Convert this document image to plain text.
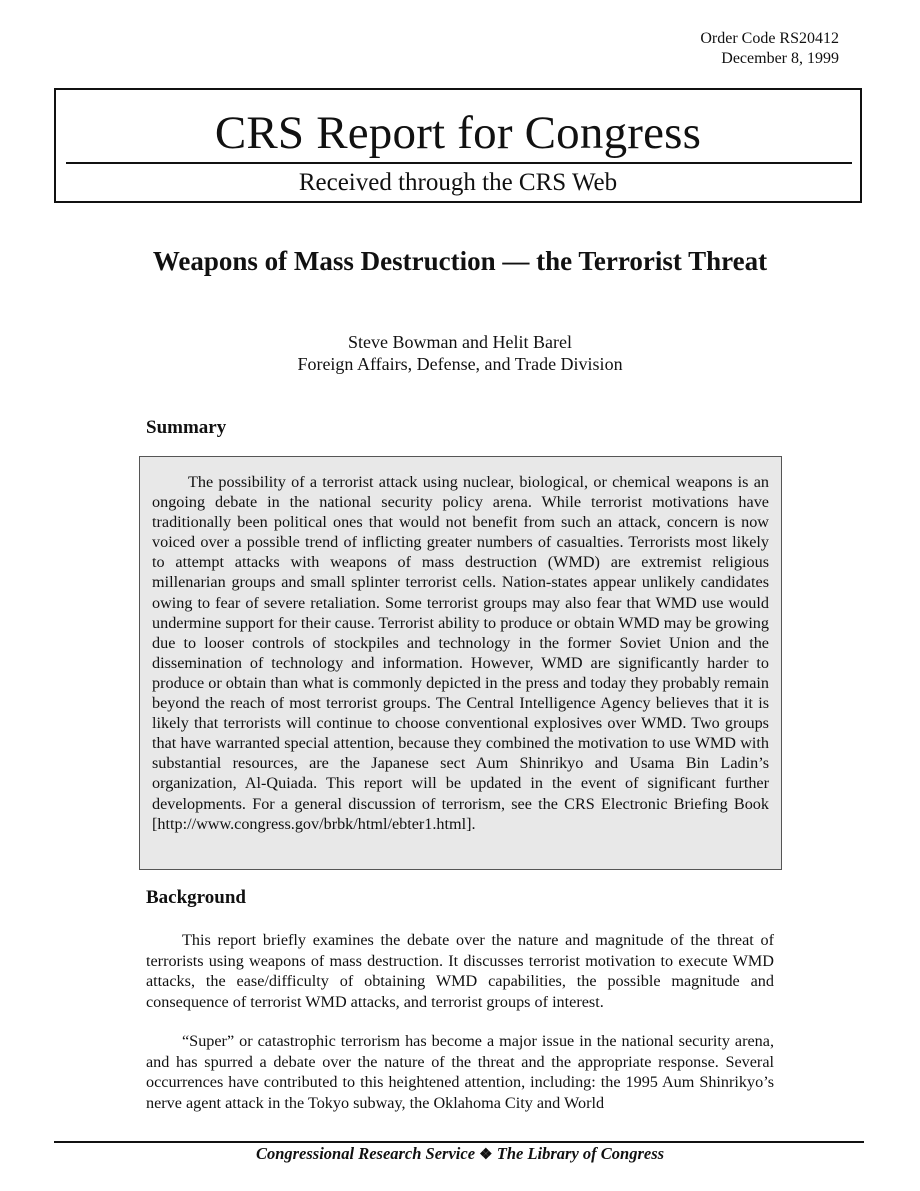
Order Code RS20412
December 8, 1999
CRS Report for Congress
Received through the CRS Web
Weapons of Mass Destruction — the Terrorist Threat
Steve Bowman and Helit Barel
Foreign Affairs, Defense, and Trade Division
Summary

The possibility of a terrorist attack using nuclear, biological, or chemical weapons is an ongoing debate in the national security policy arena. While terrorist motivations have traditionally been political ones that would not benefit from such an attack, concern is now voiced over a possible trend of inflicting greater numbers of casualties. Terrorists most likely to attempt attacks with weapons of mass destruction (WMD) are extremist religious millenarian groups and small splinter terrorist cells. Nation-states appear unlikely candidates owing to fear of severe retaliation. Some terrorist groups may also fear that WMD use would undermine support for their cause. Terrorist ability to produce or obtain WMD may be growing due to looser controls of stockpiles and technology in the former Soviet Union and the dissemination of technology and information. However, WMD are significantly harder to produce or obtain than what is commonly depicted in the press and today they probably remain beyond the reach of most terrorist groups. The Central Intelligence Agency believes that it is likely that terrorists will continue to choose conventional explosives over WMD. Two groups that have warranted special attention, because they combined the motivation to use WMD with substantial resources, are the Japanese sect Aum Shinrikyo and Usama Bin Ladin’s organization, Al-Quiada. This report will be updated in the event of significant further developments. For a general discussion of terrorism, see the CRS Electronic Briefing Book [http://www.congress.gov/brbk/html/ebter1.html].

Background

This report briefly examines the debate over the nature and magnitude of the threat of terrorists using weapons of mass destruction. It discusses terrorist motivation to execute WMD attacks, the ease/difficulty of obtaining WMD capabilities, the possible magnitude and consequence of terrorist WMD attacks, and terrorist groups of interest.

“Super” or catastrophic terrorism has become a major issue in the national security arena, and has spurred a debate over the nature of the threat and the appropriate response. Several occurrences have contributed to this heightened attention, including: the 1995 Aum Shinrikyo’s nerve agent attack in the Tokyo subway, the Oklahoma City and World

Congressional Research Service ❖ The Library of Congress
